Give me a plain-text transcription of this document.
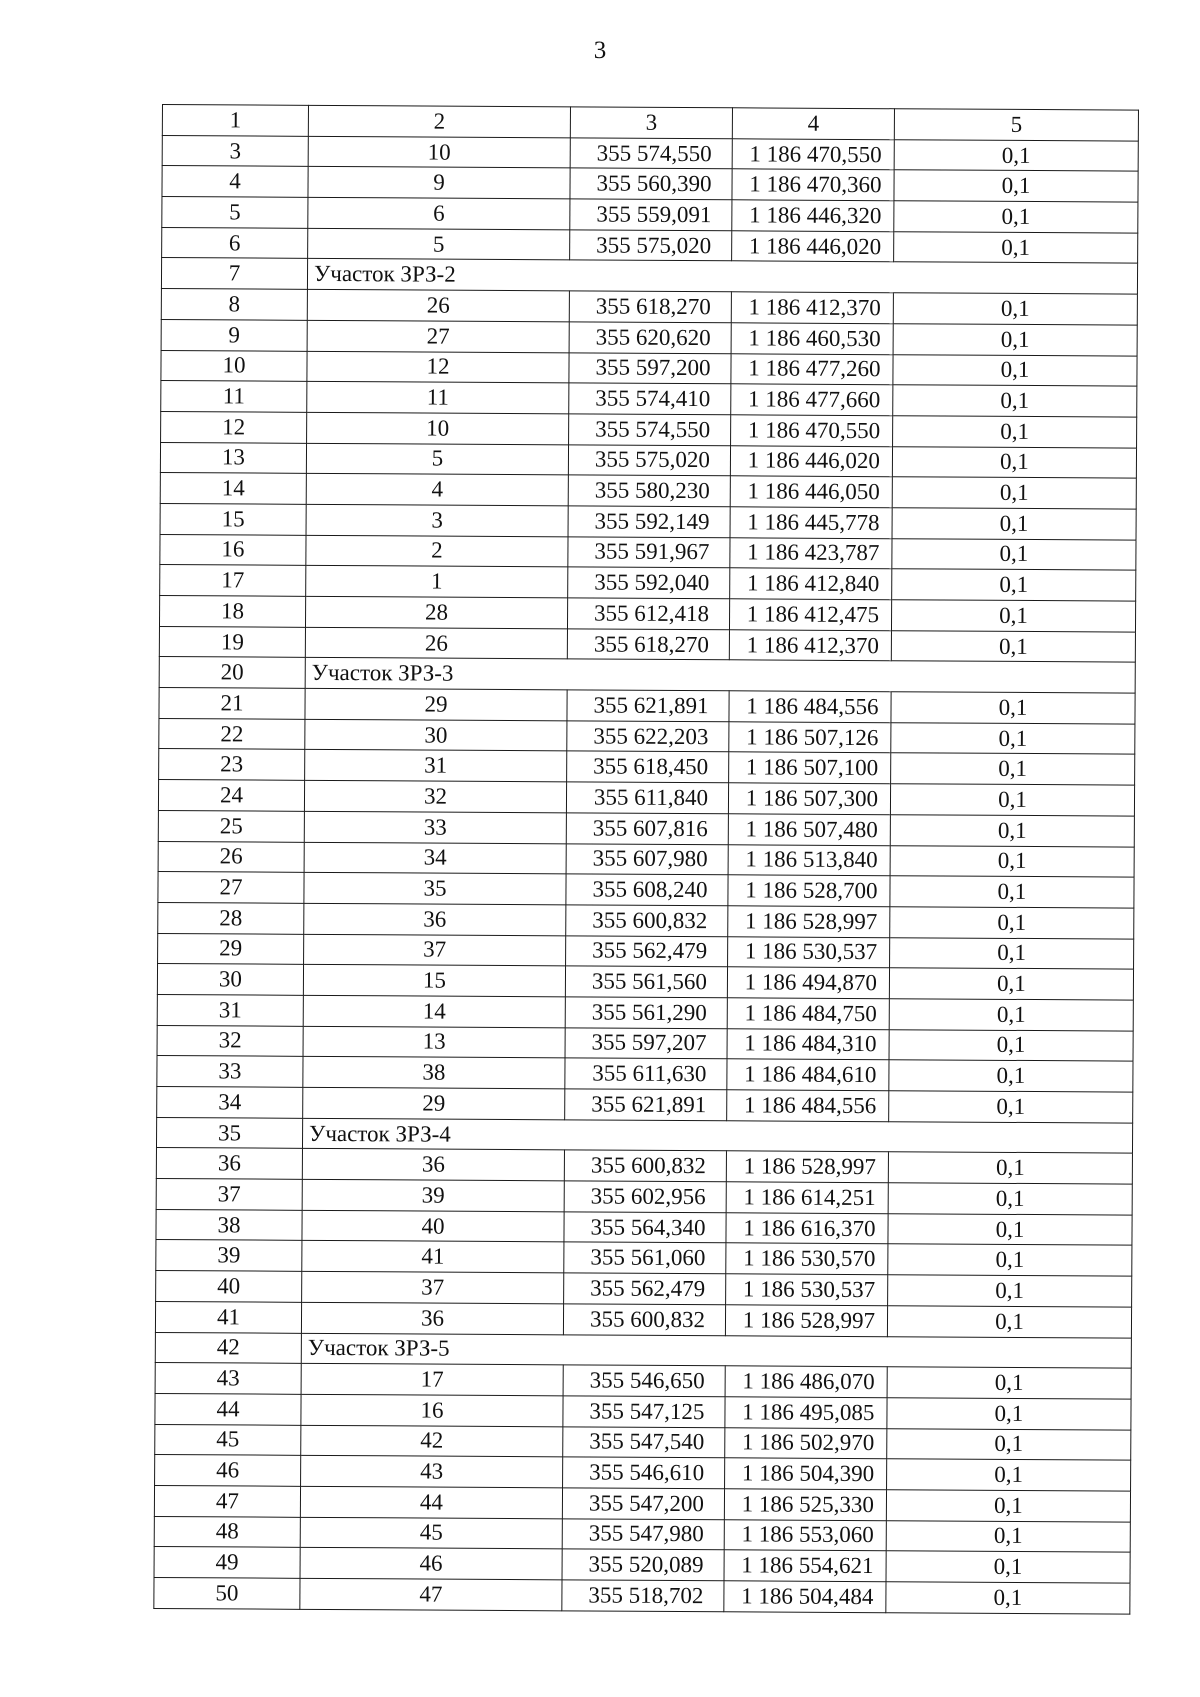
3
1	2	3	4	5
3	10	355 574,550	1 186 470,550	0,1
4	9	355 560,390	1 186 470,360	0,1
5	6	355 559,091	1 186 446,320	0,1
6	5	355 575,020	1 186 446,020	0,1
7	Участок ЗРЗ-2			
8	26	355 618,270	1 186 412,370	0,1
9	27	355 620,620	1 186 460,530	0,1
10	12	355 597,200	1 186 477,260	0,1
11	11	355 574,410	1 186 477,660	0,1
12	10	355 574,550	1 186 470,550	0,1
13	5	355 575,020	1 186 446,020	0,1
14	4	355 580,230	1 186 446,050	0,1
15	3	355 592,149	1 186 445,778	0,1
16	2	355 591,967	1 186 423,787	0,1
17	1	355 592,040	1 186 412,840	0,1
18	28	355 612,418	1 186 412,475	0,1
19	26	355 618,270	1 186 412,370	0,1
20	Участок ЗРЗ-3			
21	29	355 621,891	1 186 484,556	0,1
22	30	355 622,203	1 186 507,126	0,1
23	31	355 618,450	1 186 507,100	0,1
24	32	355 611,840	1 186 507,300	0,1
25	33	355 607,816	1 186 507,480	0,1
26	34	355 607,980	1 186 513,840	0,1
27	35	355 608,240	1 186 528,700	0,1
28	36	355 600,832	1 186 528,997	0,1
29	37	355 562,479	1 186 530,537	0,1
30	15	355 561,560	1 186 494,870	0,1
31	14	355 561,290	1 186 484,750	0,1
32	13	355 597,207	1 186 484,310	0,1
33	38	355 611,630	1 186 484,610	0,1
34	29	355 621,891	1 186 484,556	0,1
35	Участок ЗРЗ-4			
36	36	355 600,832	1 186 528,997	0,1
37	39	355 602,956	1 186 614,251	0,1
38	40	355 564,340	1 186 616,370	0,1
39	41	355 561,060	1 186 530,570	0,1
40	37	355 562,479	1 186 530,537	0,1
41	36	355 600,832	1 186 528,997	0,1
42	Участок ЗРЗ-5			
43	17	355 546,650	1 186 486,070	0,1
44	16	355 547,125	1 186 495,085	0,1
45	42	355 547,540	1 186 502,970	0,1
46	43	355 546,610	1 186 504,390	0,1
47	44	355 547,200	1 186 525,330	0,1
48	45	355 547,980	1 186 553,060	0,1
49	46	355 520,089	1 186 554,621	0,1
50	47	355 518,702	1 186 504,484	0,1
